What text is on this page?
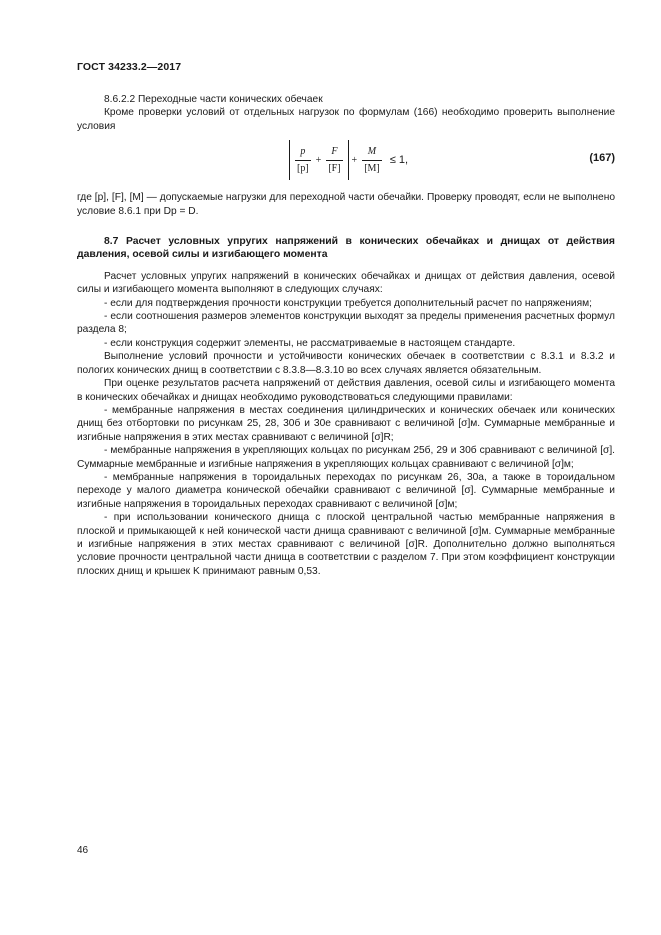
ГОСТ 34233.2—2017

8.6.2.2 Переходные части конических обечаек

Кроме проверки условий от отдельных нагрузок по формулам (166) необходимо проверить выполнение условия

$\frac{p}{[p]} + \frac{F}{[F]} + \frac{M}{[M]} \le 1$,	(167)

где [p], [F], [M] — допускаемые нагрузки для переходной части обечайки. Проверку проводят, если не выполнено условие 8.6.1 при Dp = D.

8.7 Расчет условных упругих напряжений в конических обечайках и днищах от действия давления, осевой силы и изгибающего момента

Расчет условных упругих напряжений в конических обечайках и днищах от действия давления, осевой силы и изгибающего момента выполняют в следующих случаях:

- если для подтверждения прочности конструкции требуется дополнительный расчет по напряжениям;

- если соотношения размеров элементов конструкции выходят за пределы применения расчетных формул раздела 8;

- если конструкция содержит элементы, не рассматриваемые в настоящем стандарте.

Выполнение условий прочности и устойчивости конических обечаек в соответствии с 8.3.1 и 8.3.2 и пологих конических днищ в соответствии с 8.3.8—8.3.10 во всех случаях является обязательным.

При оценке результатов расчета напряжений от действия давления, осевой силы и изгибающего момента в конических обечайках и днищах необходимо руководствоваться следующими правилами:

- мембранные напряжения в местах соединения цилиндрических и конических обечаек или конических днищ без отбортовки по рисункам 25, 28, 30б и 30е сравнивают с величиной [σ]м. Суммарные мембранные и изгибные напряжения в этих местах сравнивают с величиной [σ]R;

- мембранные напряжения в укрепляющих кольцах по рисункам 25б, 29 и 30б сравнивают с величиной [σ]. Суммарные мембранные и изгибные напряжения в укрепляющих кольцах сравнивают с величиной [σ]м;

- мембранные напряжения в тороидальных переходах по рисункам 26, 30а, а также в тороидальном переходе у малого диаметра конической обечайки сравнивают с величиной [σ]. Суммарные мембранные и изгибные напряжения в тороидальных переходах сравнивают с величиной [σ]м;

- при использовании конического днища с плоской центральной частью мембранные напряжения в плоской и примыкающей к ней конической части днища сравнивают с величиной [σ]м. Суммарные мембранные и изгибные напряжения в этих местах сравнивают с величиной [σ]R. Дополнительно должно выполняться условие прочности центральной части днища в соответствии с разделом 7. При этом коэффициент конструкции плоских днищ и крышек K принимают равным 0,53.

46
